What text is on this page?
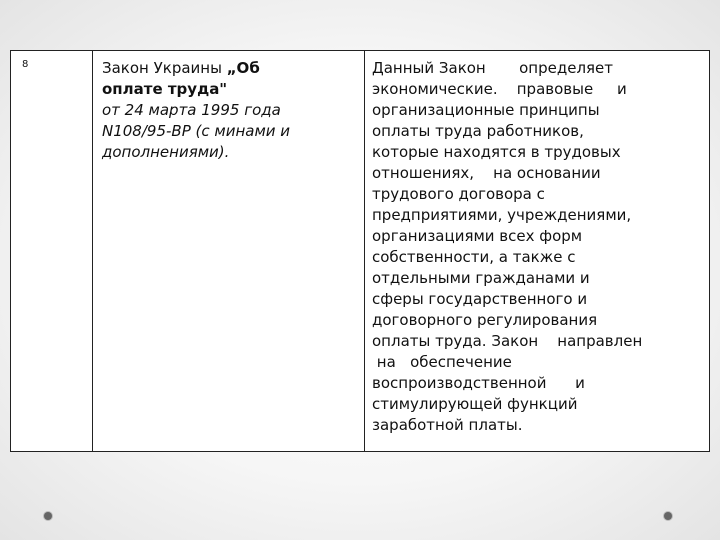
8	Закон Украины „Об
оплате труда"
от 24 марта 1995 года
N108/95-ВР (с минами и
дополнениями).
Данный Закон       определяет
экономические.    правовые     и
организационные принципы
оплаты труда работников,
которые находятся в трудовых
отношениях,    на основании
трудового договора с
предприятиями, учреждениями,
организациями всех форм
собственности, а также с
отдельными гражданами и
сферы государственного и
договорного регулирования
оплаты труда. Закон    направлен
на   обеспечение
воспроизводственной      и
стимулирующей функций
заработной платы.
